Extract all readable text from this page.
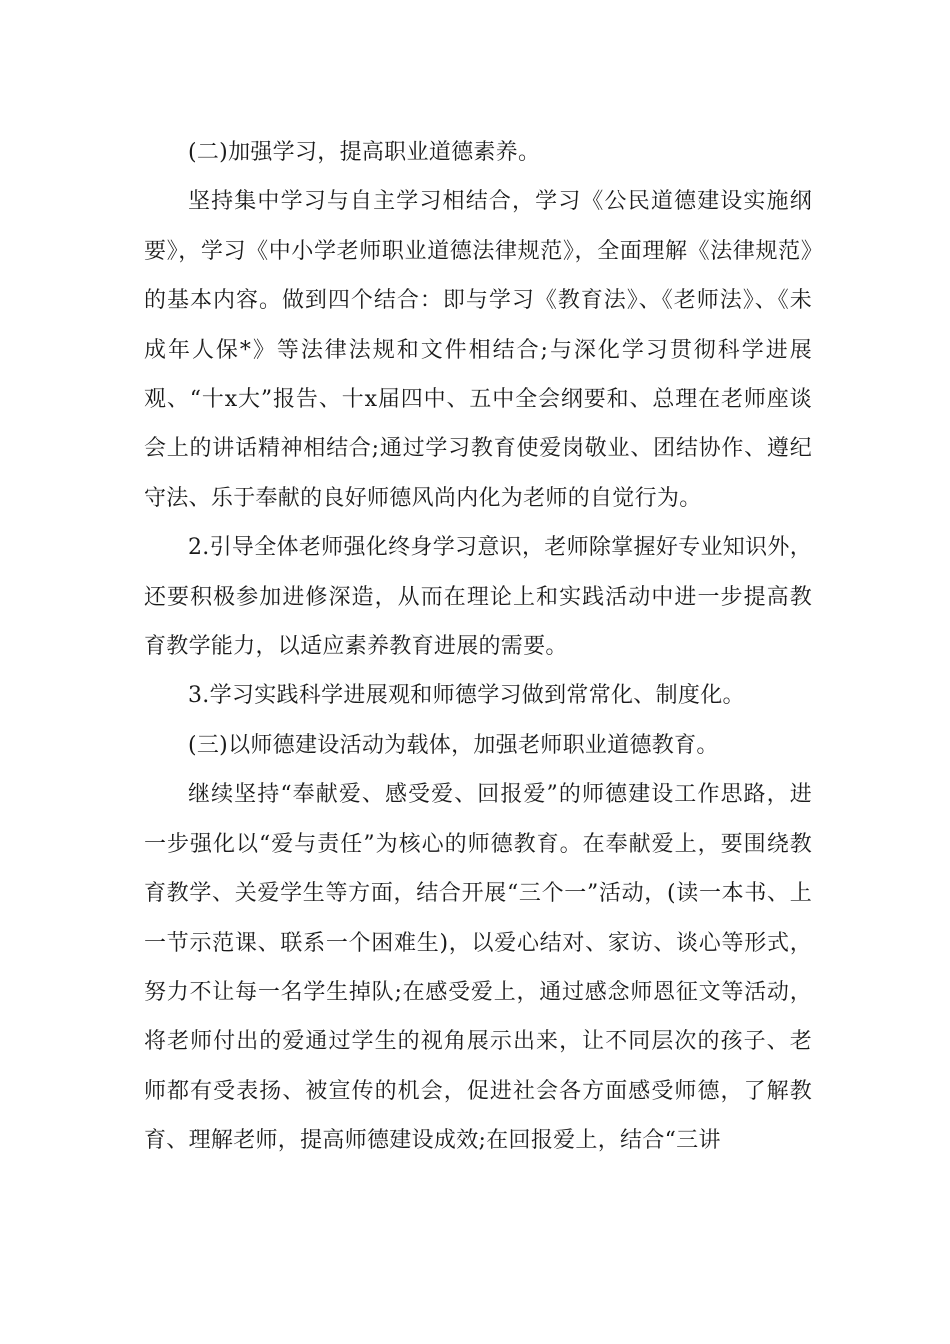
(二)加强学习，提高职业道德素养。

坚持集中学习与自主学习相结合，学习《公民道德建设实施纲要》，学习《中小学老师职业道德法律规范》，全面理解《法律规范》的基本内容。做到四个结合：即与学习《教育法》、《老师法》、《未成年人保*》等法律法规和文件相结合;与深化学习贯彻科学进展观、“十x大”报告、十x届四中、五中全会纲要和、总理在老师座谈会上的讲话精神相结合;通过学习教育使爱岗敬业、团结协作、遵纪守法、乐于奉献的良好师德风尚内化为老师的自觉行为。

2.引导全体老师强化终身学习意识，老师除掌握好专业知识外，还要积极参加进修深造，从而在理论上和实践活动中进一步提高教育教学能力，以适应素养教育进展的需要。

3.学习实践科学进展观和师德学习做到常常化、制度化。

(三)以师德建设活动为载体，加强老师职业道德教育。

继续坚持“奉献爱、感受爱、回报爱”的师德建设工作思路，进一步强化以“爱与责任”为核心的师德教育。在奉献爱上，要围绕教育教学、关爱学生等方面，结合开展“三个一”活动，(读一本书、上一节示范课、联系一个困难生)，以爱心结对、家访、谈心等形式，努力不让每一名学生掉队;在感受爱上，通过感念师恩征文等活动，将老师付出的爱通过学生的视角展示出来，让不同层次的孩子、老师都有受表扬、被宣传的机会，促进社会各方面感受师德，了解教育、理解老师，提高师德建设成效;在回报爱上，结合“三讲
